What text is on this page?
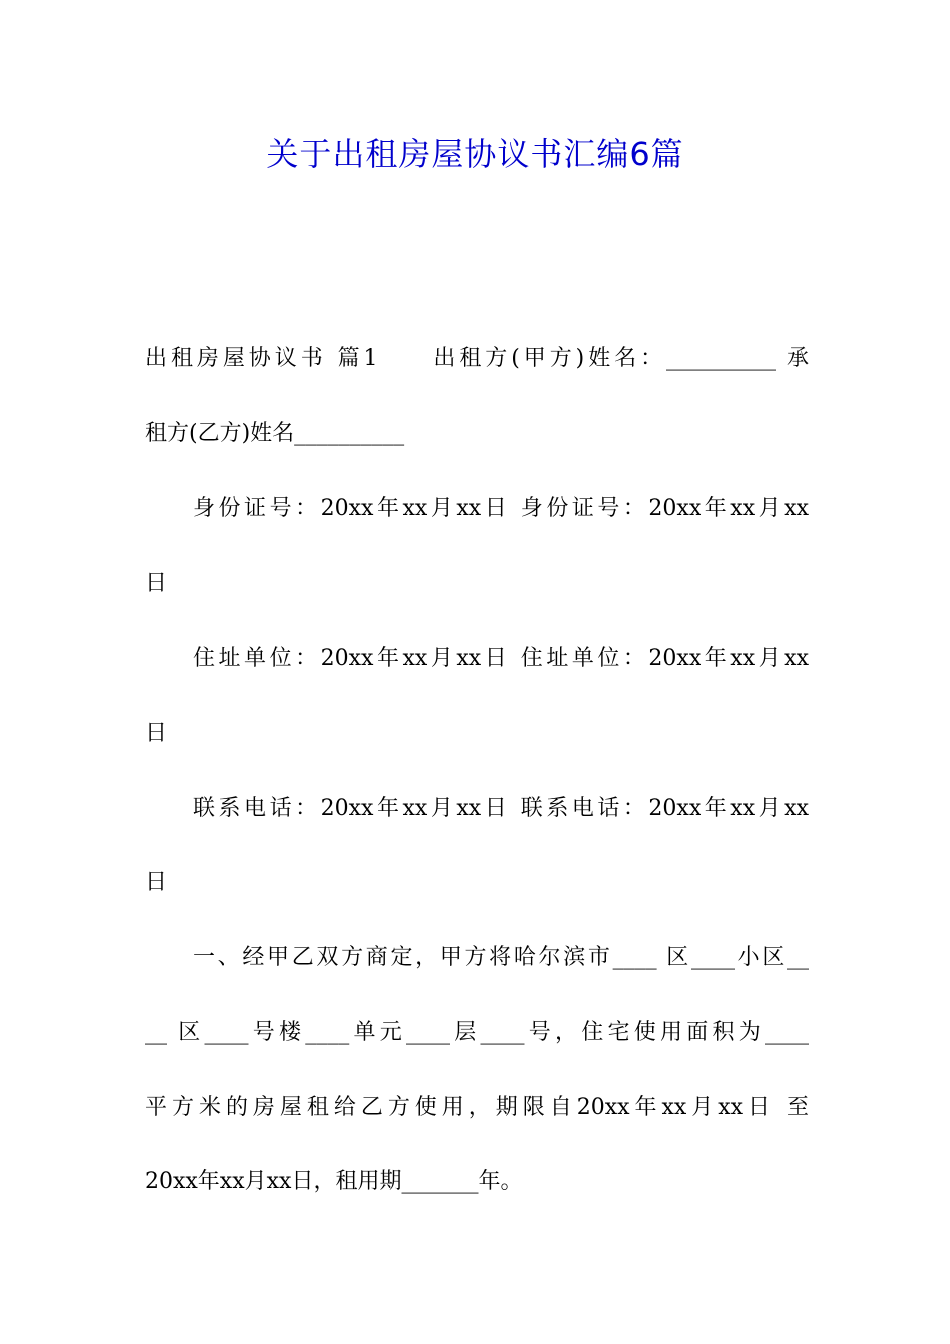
关于出租房屋协议书汇编6篇
出租房屋协议书 篇1　　出租方(甲方)姓名：__________ 承
租方(乙方)姓名__________
身份证号：20xx年xx月xx日 身份证号：20xx年xx月xx
日
住址单位：20xx年xx月xx日 住址单位：20xx年xx月xx
日
联系电话：20xx年xx月xx日 联系电话：20xx年xx月xx
日
一、经甲乙双方商定，甲方将哈尔滨市____ 区____小区__
__ 区____号楼____单元____层____号，住宅使用面积为____
平方米的房屋租给乙方使用，期限自20xx年xx月xx日 至
20xx年xx月xx日，租用期_______年。
